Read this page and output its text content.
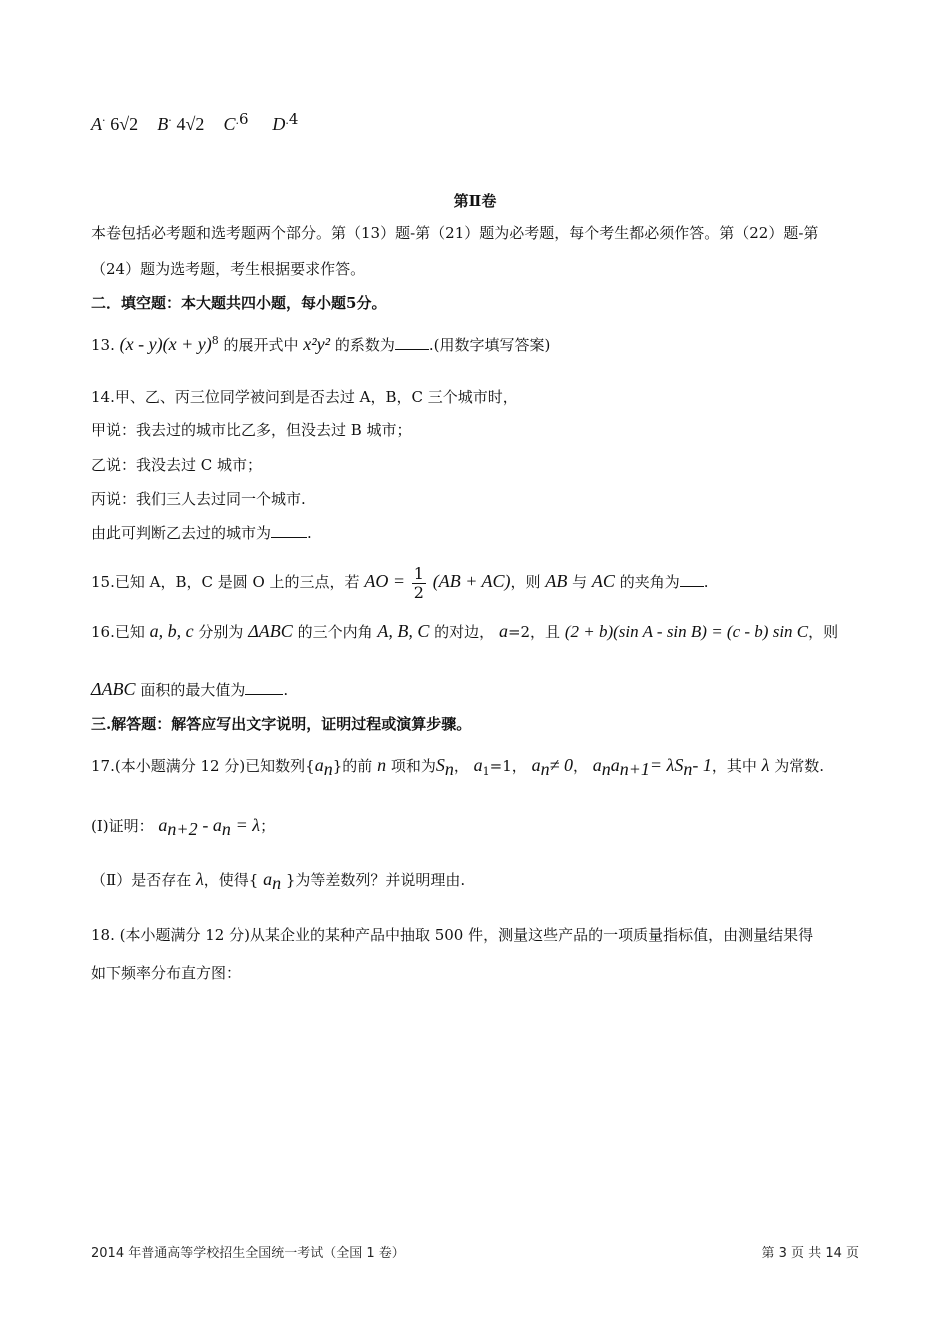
A· 6√2 B· 4√2 $C^{.6}$ $D^{.4}$
第Ⅱ卷
本卷包括必考题和选考题两个部分。第（13）题-第（21）题为必考题，每个考生都必须作答。第（22）题-第
（24）题为选考题，考生根据要求作答。
二．填空题：本大题共四小题，每小题5分。
13. $(x - y)(x + y)^8$ 的展开式中 x²y² 的系数为 .(用数字填写答案)
14.甲、乙、丙三位同学被问到是否去过 A，B，C 三个城市时，
甲说：我去过的城市比乙多，但没去过 B 城市；
乙说：我没去过 C 城市；
丙说：我们三人去过同一个城市.
由此可判断乙去过的城市为 .
15.已知 A，B，C 是圆 O 上的三点，若 AO = $\frac{1}{2} (AB + AC)$，则 AB 与 AC 的夹角为 .
16.已知 a, b, c 分别为 ΔABC 的三个内角 A, B, C 的对边， a=2，且 (2 + b)(sin A - sin B) = (c - b) sin C，则
ΔABC 面积的最大值为	.
三.解答题：解答应写出文字说明，证明过程或演算步骤。
17.(本小题满分 12 分)已知数列$\{a_n\}$的前 n 项和为$S_n$， $a_1=1$， $a_n\ne 0$， $a_na_{n+1}= \lambda S_n-$ 1，其中 λ 为常数.
(Ⅰ)证明： $a_{n+2} - a_n = \lambda$；
（Ⅱ）是否存在 λ，使得{ $a_n$ }为等差数列？并说明理由.
18. (本小题满分 12 分)从某企业的某种产品中抽取 500 件，测量这些产品的一项质量指标值，由测量结果得
如下频率分布直方图：
2014 年普通高等学校招生全国统一考试（全国 1 卷）	第 3 页 共 14 页
